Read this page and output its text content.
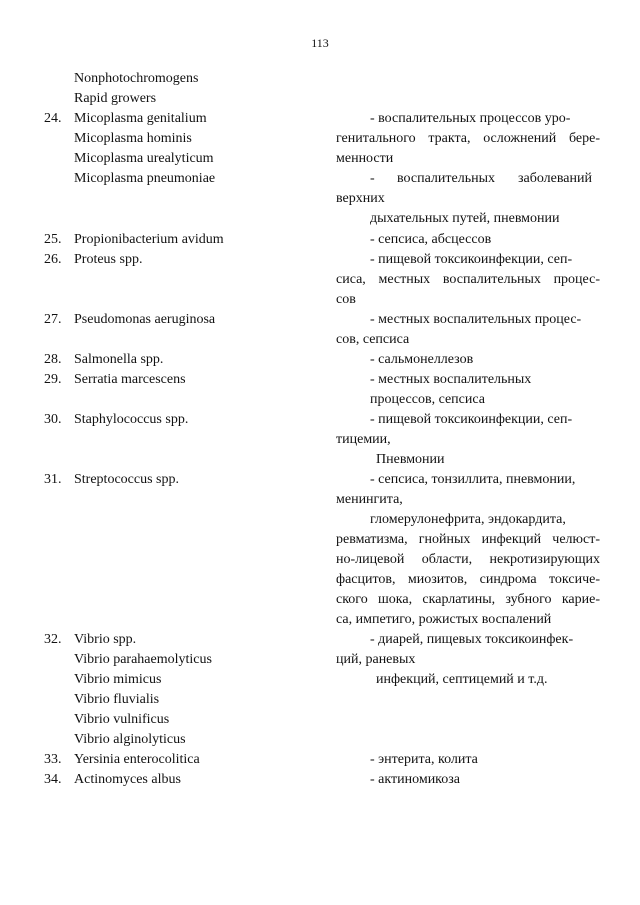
113
Nonphotochromogens
Rapid growers
24. Micoplasma genitalium
Micoplasma hominis
Micoplasma urealyticum
Micoplasma pneumoniae
25. Propionibacterium avidum
26. Proteus spp.
27. Pseudomonas aeruginosa
28. Salmonella spp.
29. Serratia marcescens
30. Staphylococcus spp.
31. Streptococcus spp.
32. Vibrio spp.
Vibrio parahaemolyticus
Vibrio mimicus
Vibrio fluvialis
Vibrio vulnificus
Vibrio alginolyticus
33. Yersinia enterocolitica
34. Actinomyces albus
- воспалительных процессов уро-
генитального тракта, осложнений бере-
менности
- воспалительных заболеваний
верхних
дыхательных путей, пневмонии
- сепсиса, абсцессов
- пищевой токсикоинфекции, сеп-
сиса, местных воспалительных процес-
сов
- местных воспалительных процес-
сов, сепсиса
- сальмонеллезов
- местных воспалительных
процессов, сепсиса
- пищевой токсикоинфекции, сеп-
тицемии,
Пневмонии
- сепсиса, тонзиллита, пневмонии,
менингита,
гломерулонефрита, эндокардита,
ревматизма, гнойных инфекций челюст-
но-лицевой области, некротизирующих
фасцитов, миозитов, синдрома токсиче-
ского шока, скарлатины, зубного карие-
са, импетиго, рожистых воспалений
- диарей, пищевых токсикоинфек-
ций, раневых
инфекций, септицемий и т.д.
- энтерита, колита
- актиномикоза
